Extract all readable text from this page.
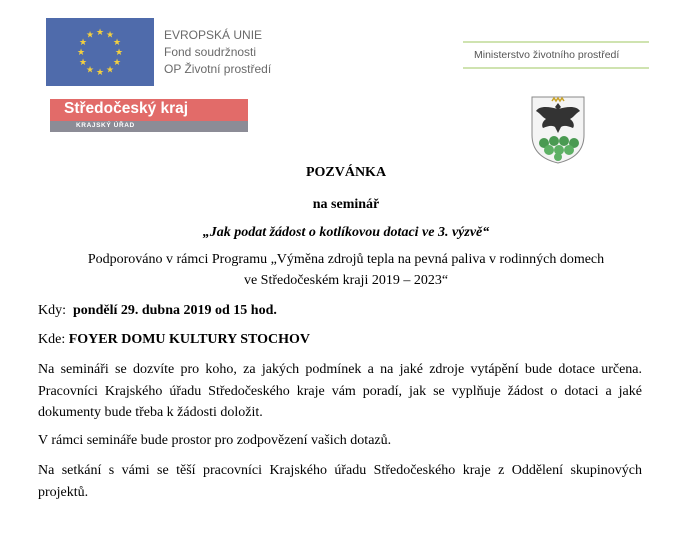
★ ★
★
★
★
★
★
★
★
★
★
★	EVROPSKÁ UNIE
Fond soudržnosti
OP Životní prostředí
Ministerstvo životního prostředí
Středočeský kraj
KRAJSKÝ ÚŘAD
POZVÁNKA
na seminář
„Jak podat žádost o kotlíkovou dotaci ve 3. výzvě“
Podporováno v rámci Programu „Výměna zdrojů tepla na pevná paliva v rodinných domech
ve Středočeském kraji 2019 – 2023“
Kdy: pondělí 29. dubna 2019 od 15 hod.
Kde: FOYER DOMU KULTURY STOCHOV
Na semináři se dozvíte pro koho, za jakých podmínek a na jaké zdroje vytápění bude dotace určena. Pracovníci Krajského úřadu Středočeského kraje vám poradí, jak se vyplňuje žádost o dotaci a jaké dokumenty bude třeba k žádosti doložit.
V rámci semináře bude prostor pro zodpovězení vašich dotazů.
Na setkání s vámi se těší pracovníci Krajského úřadu Středočeského kraje z Oddělení skupinových projektů.
